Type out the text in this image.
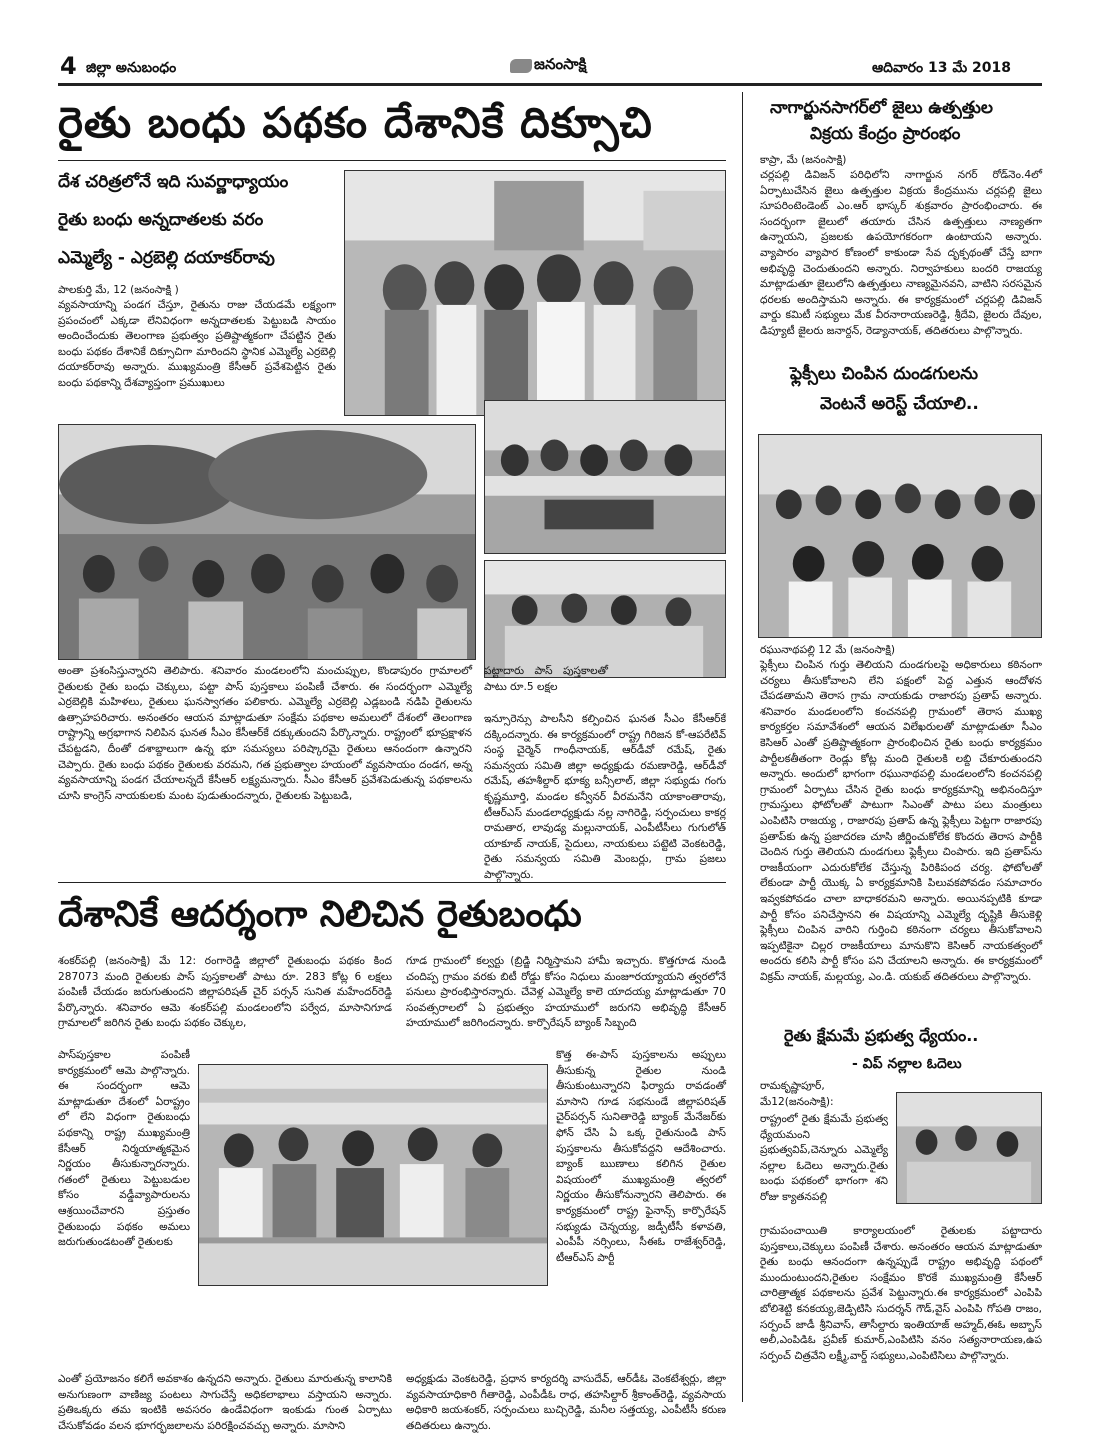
4 జిల్లా అనుబంధం	జనంసాక్షి	ఆదివారం 13 మే 2018
రైతు బంధు పథకం దేశానికే దిక్సూచి
దేశ చరిత్రలోనే ఇది సువర్ణాధ్యాయం
రైతు బంధు అన్నదాతలకు వరం
ఎమ్మెల్యే - ఎర్రబెల్లి దయాకర్‌రావు
పాలకుర్తి మే, 12 (జనంసాక్షి )
వ్యవసాయాన్ని పండగ చేస్తూ, రైతును రాజు చేయడమే లక్ష్యంగా ప్రపంచంలో ఎక్కడా లేనివిధంగా అన్నదాతలకు పెట్టుబడి సాయం అందించేందుకు తెలంగాణ ప్రభుత్వం ప్రతిష్టాత్మకంగా చేపట్టిన రైతు బంధు పథకం దేశానికే దిక్సూచిగా మారిందని స్థానిక ఎమ్మెల్యే ఎర్రబెల్లి దయాకర్‌రావు అన్నారు. ముఖ్యమంత్రి కేసీఆర్‌ ప్రవేశపెట్టిన రైతు బంధు పథకాన్ని దేశవ్యాప్తంగా ప్రముఖులు
అంతా ప్రశంసిస్తున్నారని తెలిపారు. శనివారం మండలంలోని మంచుప్పుల, కొండాపురం గ్రామాలలో రైతులకు రైతు బంధు చెక్కులు, పట్టా పాస్‌ పుస్తకాలు పంపిణీ చేశారు. ఈ సందర్భంగా ఎమ్మెల్యే ఎర్రబెల్లికి మహిళలు, రైతులు ఘనస్వాగతం పలికారు. ఎమ్మెల్యే ఎర్రబెల్లి ఎడ్లబండి నడిపి రైతులను ఉత్సాహపరిచారు. అనంతరం ఆయన మాట్లాడుతూ సంక్షేమ పథకాల అమలులో దేశంలో తెలంగాణ రాష్ట్రాన్ని అగ్రభాగాన నిలిపిన ఘనత సీఎం కేసీఆర్‌కే దక్కుతుందని పేర్కొన్నారు. రాష్ట్రంలో భూప్రక్షాళన చేపట్టడని, దీంతో దశాబ్దాలుగా ఉన్న భూ సమస్యలు పరిష్కారమై రైతులు ఆనందంగా ఉన్నారని చెప్పారు. రైతు బంధు పథకం రైతులకు వరమని, గత ప్రభుత్వాల హయంలో వ్యవసాయం దండగ, అన్న వ్యవసాయాన్ని పండగ చేయాలన్నదే కేసీఆర్‌ లక్ష్యమన్నారు. సీఎం కేసీఆర్‌ ప్రవేశపెడుతున్న పథకాలను చూసి కాంగ్రెస్‌ నాయకులకు మంట పుడుతుందన్నారు, రైతులకు పెట్టుబడి,
పట్టాదారు పాస్‌ పుస్తకాలతో పాటు రూ.5 లక్షల
ఇన్సూరెన్సు పాలసీని కల్పించిన ఘనత సీఎం కేసీఆర్‌కే దక్కిందన్నారు. ఈ కార్యక్రమంలో రాష్ట్ర గిరిజన కో-ఆపరేటివ్‌ సంస్థ చైర్మెన్‌ గాంధీనాయక్‌, ఆర్‌డీవో రమేష్‌, రైతు సమన్వయ సమితి జిల్లా అధ్యక్షుడు రమణారెడ్డి, ఆర్‌డీవో రమేష్‌, తహశీల్దార్‌ భూక్య బన్సీలాల్‌, జిల్లా సభ్యుడు గంగు కృష్ణమూర్తి, మండల కన్వీనర్‌ వీరమనేని యాకాంతారావు, టీఆర్‌ఎస్‌ మండలాధ్యక్షుడు నల్ల నాగిరెడ్డి, సర్పంచులు కాకర్ల రామతార, లావుడ్య మల్లునాయక్‌, ఎంపీటీసీలు గుగులోత్‌ యాకూబ్‌ నాయక్‌, సైదులు, నాయకులు పట్టెటి వెంకటరెడ్డి, రైతు సమన్వయ సమితి మెంబర్లు, గ్రామ ప్రజలు పాల్గొన్నారు.
నాగార్జునసాగర్‌లో జైలు ఉత్పత్తుల
విక్రయ కేంద్రం ప్రారంభం
కాప్రా, మే (జనంసాక్షి)
చర్లపల్లి డివిజన్‌ పరిధిలోని నాగార్జున నగర్‌ రోడ్‌నెం.4లో ఏర్పాటుచేసిన జైలు ఉత్పత్తుల విక్రయ కేంద్రమును చర్లపల్లి జైలు సూపరింటెండెంట్‌ ఎం.ఆర్‌ భాస్కర్‌ శుక్రవారం ప్రారంభించారు. ఈ సందర్భంగా జైలులో తయారు చేసిన ఉత్పత్తులు నాణ్యతగా ఉన్నాయని, ప్రజలకు ఉపయోగకరంగా ఉంటాయని అన్నారు. వ్యాపారం వ్యాపార కోణంలో కాకుండా సేవ దృక్పథంతో చేస్తే బాగా అభివృద్ధి చెందుతుందని అన్నారు. నిర్వాహకులు బందరి రాజయ్య మాట్లాడుతూ జైలులోని ఉత్పత్తులు నాణ్యమైనవని, వాటిని సరసమైన ధరలకు అందిస్తామని అన్నారు. ఈ కార్యక్రమంలో చర్లపల్లి డివిజన్‌ వార్డు కమిటీ సభ్యులు మేక వీరనారాయణరెడ్డి, శ్రీదేవి, జైలరు దేవుల, డిప్యూటీ జైలరు జనార్దన్‌, రెడ్యానాయక్‌, తదితరులు పాల్గొన్నారు.
ఫ్లెక్సీలు చింపిన దుండగులను
వెంటనే అరెస్ట్‌ చేయాలి..
రఘునాథపల్లి 12 మే (జనంసాక్షి)
ఫ్లెక్సీలు చింపిన గుర్తు తెలియని దుండగులపై అధికారులు కఠినంగా చర్యలు తీసుకోవాలని లేని పక్షంలో పెద్ద ఎత్తున ఆందోళన చేపడతామని తెరాస గ్రామ నాయకుడు రాజారపు ప్రతాప్‌ అన్నారు. శనివారం మండలంలోని కంచనపల్లి గ్రామంలో తెరాస ముఖ్య కార్యకర్తల సమావేశంలో ఆయన విలేఖరులతో మాట్లాడుతూ సీఎం కెసిఆర్‌ ఎంతో ప్రతిష్టాత్మకంగా ప్రారంభించిన రైతు బంధు కార్యక్రమం పార్టీలకతీతంగా రెండ్లు కోట్ల మంది రైతులకి లబ్ది చేకూరుతుందని అన్నారు. అందులో భాగంగా రఘునాథపల్లి మండలంలోని కంచనపల్లి గ్రామంలో ఏర్పాటు చేసిన రైతు బంధు కార్యక్రమాన్ని అభినందిస్తూ గ్రామస్తులు ఫోటోలతో పాటుగా సిఎంతో పాటు పలు మంత్రులు ఎంపిటిసి రాజయ్య , రాజారపు ప్రతాప్‌ ఉన్న ఫ్లెక్సీలు పెట్టగా రాజారపు ప్రతాప్‌కు ఉన్న ప్రజాదరణ చూసి జీర్ణించుకోలేక కొందరు తెరాస పార్టీకి చెందిన గుర్తు తెలియని దుండగులు ఫ్లెక్సీలు చింపారు. ఇది ప్రతాప్‌ను రాజకీయంగా ఎదురుకోలేక చేస్తున్న పిరికిపంద చర్య. ఫోటోలతో లేకుండా పార్టీ యొక్క ఏ కార్యక్రమానికి పిలువకపోవడం సమాచారం ఇవ్వకపోవడం చాలా బాధాకరమని అన్నారు. అయినప్పటికి కూడా పార్టీ కోసం పనిచేస్తానని ఈ విషయాన్ని ఎమ్మెల్యే దృష్టికి తీసుకెళ్లి ఫ్లెక్సీలు చింపిన వారిని గుర్తించి కఠినంగా చర్యలు తీసుకోవాలని ఇప్పటికైనా చిల్లర రాజకీయాలు మానుకొని కెసిఆర్‌ నాయకత్వంలో అందరు కలిసి పార్టీ కోసం పని చేయాలని అన్నారు. ఈ కార్యక్రమంలో విక్రమ్‌ నాయక్‌, మల్లయ్య, ఎం.డి. యకుబ్‌ తదితరులు పాల్గొన్నారు.
రైతు క్షేమమే ప్రభుత్వ ధ్యేయం..
- విప్‌ నల్లాల ఓదెలు
రామకృష్ణాపూర్‌,
మే12(జనంసాక్షి):
రాష్ట్రంలో రైతు క్షేమమే ప్రభుత్వ ధ్యేయమంని ప్రభుత్వవిప్‌,చెన్నూరు ఎమ్మెల్యే నల్లాల ఓదెలు అన్నారు.రైతు బంధు పథకంలో భాగంగా శని రోజు క్యాతనపల్లి
గ్రామపంచాయితి కార్యాలయంలో రైతులకు పట్టాదారు పుస్తకాలు,చెక్కులు పంపిణీ చేశారు. అనంతరం ఆయన మాట్లాడుతూ రైతు బంధు ఆనందంగా ఉన్నప్పుడే రాష్ట్రం అభివృద్ధి పథంలో ముందుంటుందని,రైతుల సంక్షేమం కొరకే ముఖ్యమంత్రి కేసీఆర్‌ చారిత్రాత్మక పథకాలను ప్రవేశ పెట్టున్నారు.ఈ కార్యక్రమంలో ఎంపిపి బోలిశెట్టి కనకయ్య,జెడ్పిటిసి సుదర్శన్‌ గౌడ్‌,వైస్‌ ఎంపిపి గోపతి రాజం, సర్పంచ్‌ జాడీ శ్రీనివాస్‌, తాసీల్దారు ఇంతియాజ్‌ అహ్మద్‌,ఈఓ అబ్బాస్‌ అలీ,ఎంపిడిఓ ప్రవీణ్‌ కుమార్‌,ఎంపిటిసి వనం సత్యనారాయణ,ఉప సర్పంచ్‌ చిత్రవేని లక్ష్మీ,వార్డ్‌ సభ్యులు,ఎంపిటిసిలు పాల్గొన్నారు.
దేశానికే ఆదర్శంగా నిలిచిన రైతుబంధు
శంకర్‌పల్లి (జనంసాక్షి) మే 12: రంగారెడ్డి జిల్లాలో రైతుబంధు పథకం కింద 287073 మంది రైతులకు పాస్‌ పుస్తకాలతో పాటు రూ. 283 కోట్ల 6 లక్షలు పంపిణీ చేయడం జరుగుతుందని జిల్లాపరిషత్‌ చైర్‌ పర్సన్‌ సునిత మహేందర్‌రెడ్డి పేర్కొన్నారు. శనివారం ఆమె శంకర్‌పల్లి మండలంలోని పర్వేద, మాసానిగూడ గ్రామాలలో జరిగిన రైతు బంధు పథకం చెక్కుల,
పాస్‌పుస్తకాల పంపిణీ కార్యక్రమంలో ఆమె పాల్గొన్నారు. ఈ సందర్భంగా ఆమె మాట్లాడుతూ దేశంలో ఏరాష్ట్రం లో లేని విధంగా రైతుబంధు పథకాన్ని రాష్ట్ర ముఖ్యమంత్రి కేసీఆర్‌ నిర్మయాత్మకమైన నిర్ణయం తీసుకున్నారన్నారు. గతంలో రైతులు పెట్టుబడుల కోసం వడ్డీవ్యాపారులను ఆశ్రయించేవారని ప్రస్తుతం రైతుబంధు పథకం అమలు జరుగుతుండటంతో రైతులకు
గూడ గ్రామంలో కల్వర్టు (బ్రిడ్జి నిర్మిస్తామని హామీ ఇచ్చారు. కొత్తగూడ నుండి చందిప్ప గ్రామం వరకు బిటీ రోడ్డు కోసం నిధులు మంజూరయ్యాయని త్వరలోనే పనులు ప్రారంభిస్తారన్నారు. చేవెళ్ల ఎమ్మెల్యే కాలె యాదయ్య మాట్లాడుతూ 70 సంవత్సరాలలో ఏ ప్రభుత్వం హయాములో జరుగని అభివృద్ధి కేసీఆర్‌ హయాములో జరిగిందన్నారు. కార్పొరేషన్‌ బ్యాంక్‌ సిబ్బంది
కొత్త ఈ-పాస్‌ పుస్తకాలను అప్పులు తీసుకున్న రైతుల నుండి తీసుకుంటున్నారని ఫిర్యాదు రావడంతో మాసాని గూడ సభనుండే జిల్లాపరిషత్‌ చైర్‌పర్సన్‌ సునితారెడ్డి బ్యాంక్‌ మేనేజర్‌కు ఫోన్‌ చేసి ఏ ఒక్క రైతునుండి పాస్‌ పుస్తకాలను తీసుకోవద్దని ఆదేశించారు. బ్యాంక్‌ ఋణాలు కలిగిన రైతుల విషయంలో ముఖ్యమంత్రి త్వరలో నిర్ణయం తీసుకోనున్నారని తెలిపారు. ఈ కార్యక్రమంలో రాష్ట్ర ఫైనాన్స్‌ కార్పొరేషన్‌ సభ్యుడు చెన్నయ్య, జడ్పీటీసీ కళావతి, ఎంపీపీ నర్సింలు, సీఈఓ రాజేశ్వర్‌రెడ్డి, టీఆర్‌ఎస్‌ పార్టీ
ఎంతో ప్రయోజనం కలిగే అవకాశం ఉన్నదని అన్నారు. రైతులు మారుతున్న కాలానికి అనుగుణంగా వాణిజ్య పంటలు సాగుచేస్తే అధికలాభాలు వస్తాయని అన్నారు. ప్రతిఒక్కరు తమ ఇంటికి అవసరం ఉండేవిధంగా ఇంకుడు గుంత ఏర్పాటు చేసుకోవడం వలన భూగర్భజలాలను పరిరక్షించవచ్చు అన్నారు. మాసాని
అధ్యక్షుడు వెంకటరెడ్డి, ప్రధాన కార్యదర్శి వాసుదేవ్‌, ఆర్‌డీఓ వెంకటేశ్వర్లు, జిల్లా వ్యవసాయాధికారి గీతారెడ్డి, ఎంపీడీఓ రాధ, తహసిల్దార్‌ శ్రీకాంత్‌రెడ్డి, వ్యవసాయ అధికారి జయశంకర్‌, సర్పంచులు బుచ్చిరెడ్డి, మనీల సత్తయ్య, ఎంపీటీసీ కరుణ తదితరులు ఉన్నారు.
